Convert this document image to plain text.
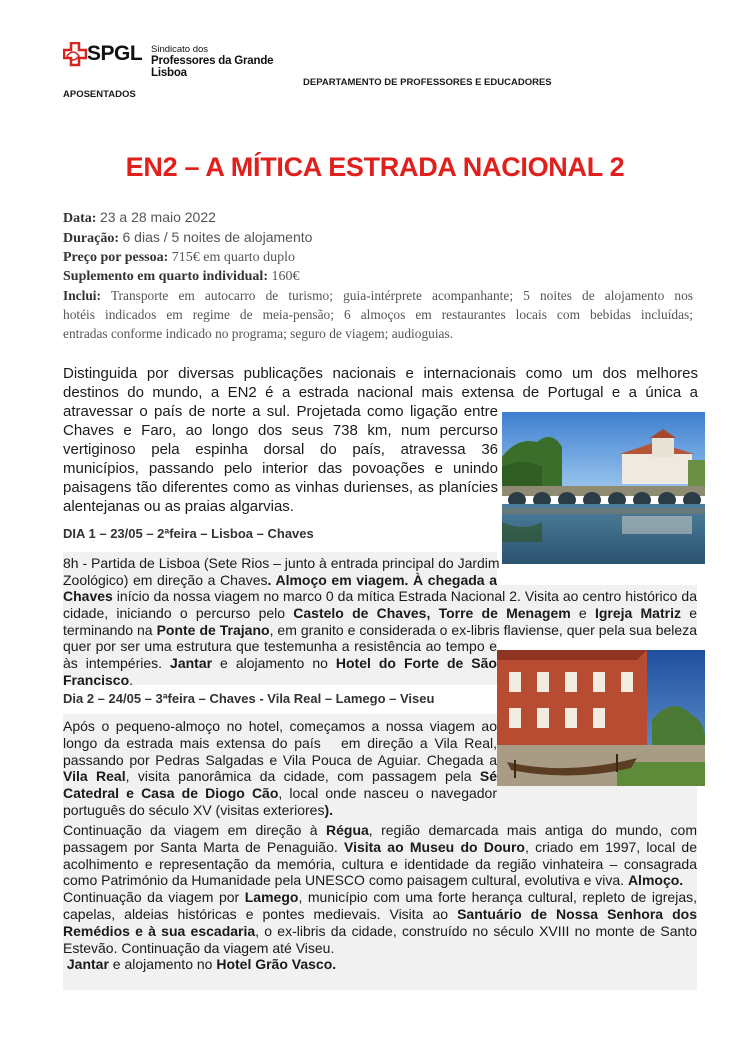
SPGL Sindicato dos
Professores da Grande Lisboa
DEPARTAMENTO DE PROFESSORES E EDUCADORES
APOSENTADOS
EN2 – A MÍTICA ESTRADA NACIONAL 2
Data: 23 a 28 maio 2022
Duração: 6 dias / 5 noites de alojamento
Preço por pessoa: 715€ em quarto duplo
Suplemento em quarto individual: 160€
Inclui: Transporte em autocarro de turismo; guia-intérprete acompanhante; 5 noites de alojamento nos
hotéis indicados em regime de meia-pensão; 6 almoços em restaurantes locais com bebidas incluídas;
entradas conforme indicado no programa; seguro de viagem; audioguias.
Distinguida por diversas publicações nacionais e internacionais como um dos melhores
destinos do mundo, a EN2 é a estrada nacional mais extensa de Portugal e a única a
atravessar o país de norte a sul. Projetada como ligação entre
Chaves e Faro, ao longo dos seus 738 km, num percurso
vertiginoso pela espinha dorsal do país, atravessa 36
municípios, passando pelo interior das povoações e unindo
paisagens tão diferentes como as vinhas durienses, as planícies
alentejanas ou as praias algarvias.
DIA 1 – 23/05 – 2ªfeira – Lisboa – Chaves
8h - Partida de Lisboa (Sete Rios – junto à entrada principal do Jardim
Zoológico) em direção a Chaves. Almoço em viagem. À chegada a
Chaves início da nossa viagem no marco 0 da mítica Estrada Nacional 2. Visita ao centro histórico da
cidade, iniciando o percurso pelo Castelo de Chaves, Torre de Menagem e Igreja Matriz e
terminando na Ponte de Trajano, em granito e considerada o ex-libris flaviense, quer pela sua beleza
quer por ser uma estrutura que testemunha a resistência ao tempo e
às intempéries. Jantar e alojamento no Hotel do Forte de São
Francisco.
Dia 2 – 24/05 – 3ªfeira – Chaves - Vila Real – Lamego – Viseu
Após o pequeno-almoço no hotel, começamos a nossa viagem ao
longo da estrada mais extensa do país   em direção a Vila Real,
passando por Pedras Salgadas e Vila Pouca de Aguiar. Chegada a
Vila Real, visita panorâmica da cidade, com passagem pela Sé
Catedral e Casa de Diogo Cão, local onde nasceu o navegador
português do século XV (visitas exteriores).
Continuação da viagem em direção à Régua, região demarcada mais antiga do mundo, com
passagem por Santa Marta de Penaguião. Visita ao Museu do Douro, criado em 1997, local de
acolhimento e representação da memória, cultura e identidade da região vinhateira – consagrada
como Património da Humanidade pela UNESCO como paisagem cultural, evolutiva e viva. Almoço.
Continuação da viagem por Lamego, município com uma forte herança cultural, repleto de igrejas,
capelas, aldeias históricas e pontes medievais. Visita ao Santuário de Nossa Senhora dos
Remédios e à sua escadaria, o ex-libris da cidade, construído no século XVIII no monte de Santo
Estevão. Continuação da viagem até Viseu.
Jantar e alojamento no Hotel Grão Vasco.
